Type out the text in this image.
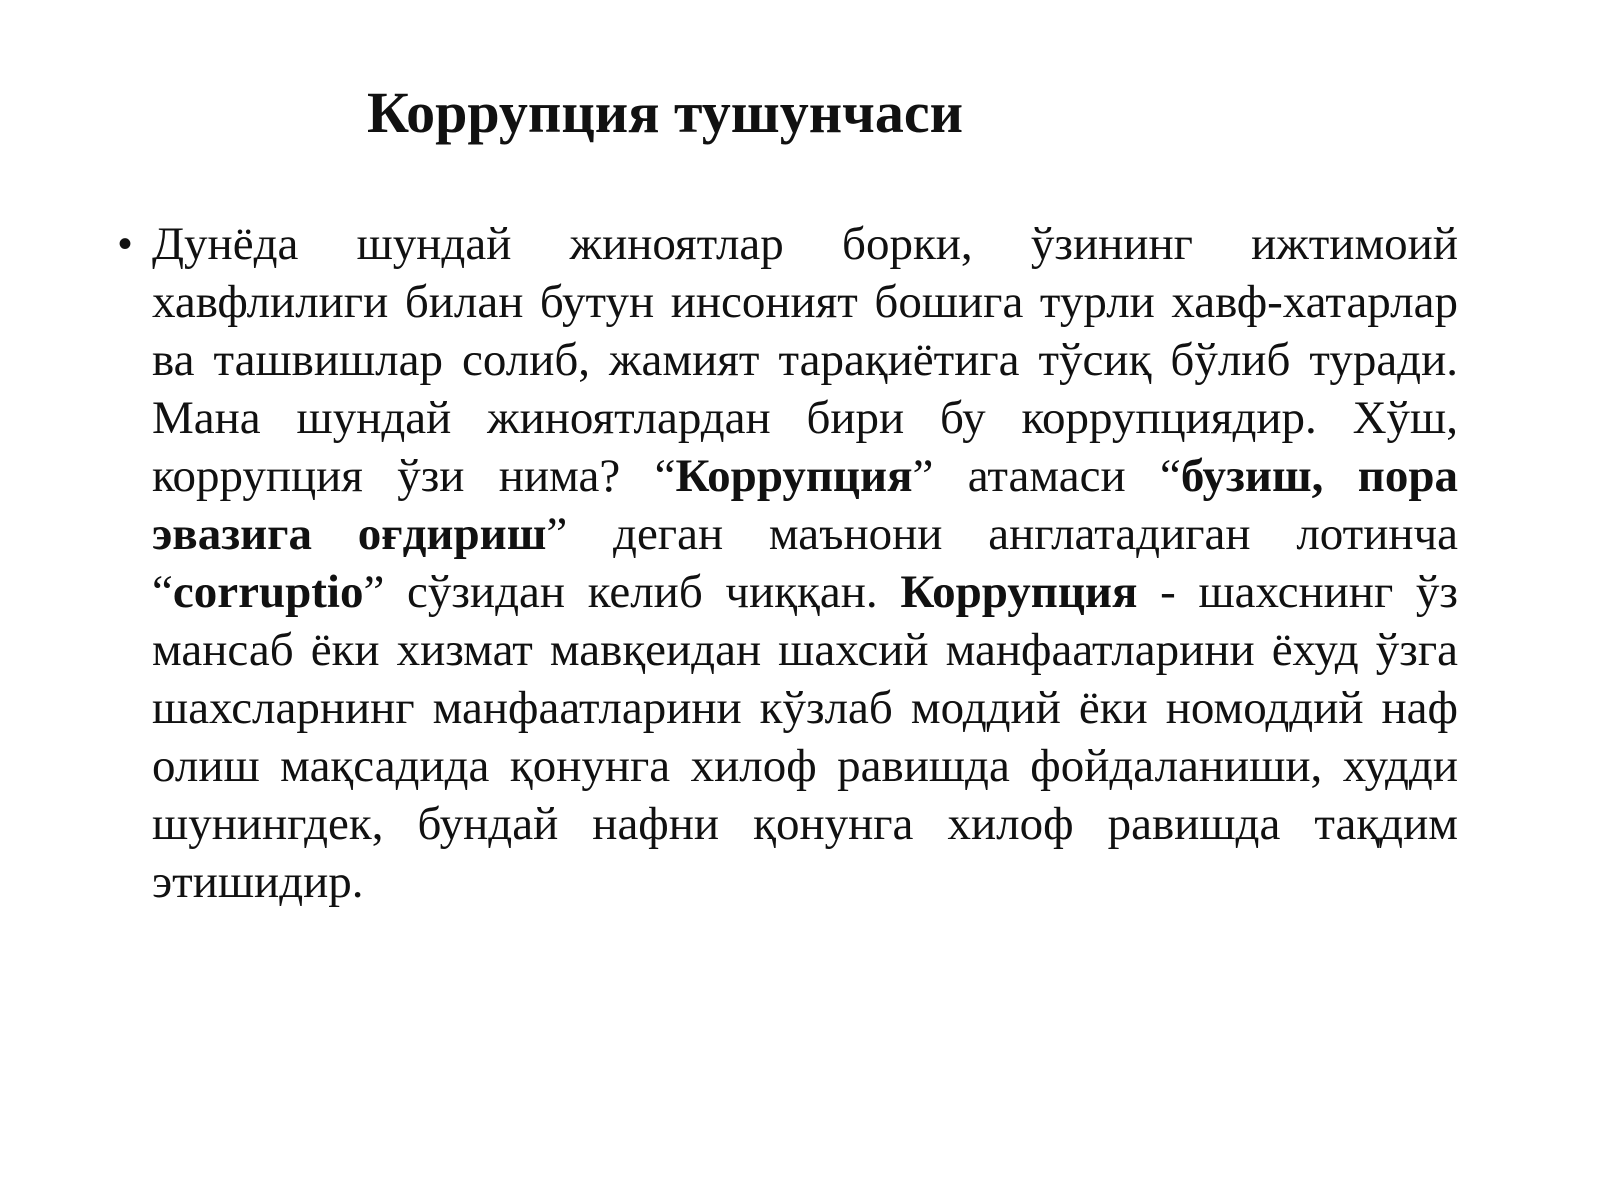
Коррупция тушунчаси
• Дунёда шундай жиноятлар борки, ўзининг ижтимоий хавфлилиги билан бутун инсоният бошига турли хавф-хатарлар ва ташвишлар солиб, жамият тарақиётига тўсиқ бўлиб туради. Мана шундай жиноятлардан бири бу коррупциядир. Хўш, коррупция ўзи нима? “Коррупция” атамаси “бузиш, пора эвазига оғдириш” деган маънони англатадиган лотинча “corruptio” сўзидан келиб чиққан. Коррупция - шахснинг ўз мансаб ёки хизмат мавқеидан шахсий манфаатларини ёхуд ўзга шахсларнинг манфаатларини кўзлаб моддий ёки номоддий наф олиш мақсадида қонунга хилоф равишда фойдаланиши, худди шунингдек, бундай нафни қонунга хилоф равишда тақдим этишидир.
